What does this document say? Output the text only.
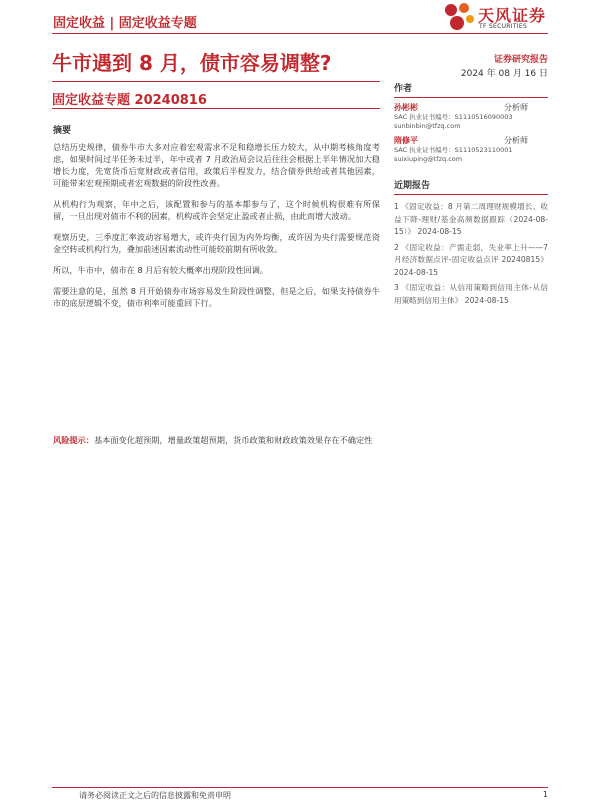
固定收益 | 固定收益专题	天风证券
TF SECURITIES
牛市遇到 8 月，债市容易调整?	证券研究报告
2024 年 08 月 16 日
固定收益专题 20240816
摘要

总结历史规律，债券牛市大多对应着宏观需求不足和稳增长压力较大，从中期考核角度考虑，如果时间过半任务未过半，年中或者 7 月政治局会议后往往会根据上半年情况加大稳增长力度，先宽货币后宽财政或者信用，政策后半程发力，结合债券供给或者其他因素，可能带来宏观预期或者宏观数据的阶段性改善。

从机构行为观察，年中之后，该配置和参与的基本都参与了，这个时候机构很难有所保留，一旦出现对债市不利的因素，机构或许会坚定止盈或者止损，由此而增大波动。

观察历史，三季度汇率波动容易增大，或许央行因为内外均衡，或许因为央行需要规范资金空转或机构行为，叠加前述因素流动性可能较前期有所收敛。

所以，牛市中，债市在 8 月后有较大概率出现阶段性回调。

需要注意的是，虽然 8 月开始债券市场容易发生阶段性调整，但是之后，如果支持债券牛市的底层逻辑不变，债市利率可能重回下行。

风险提示：基本面变化超预期，增量政策超预期，货币政策和财政政策效果存在不确定性
作者
孙彬彬	分析师
SAC 执业证书编号：S1110516090003
sunbinbin@tfzq.com
隋修平	分析师
SAC 执业证书编号：S1110523110001
suixiuping@tfzq.com
近期报告
1 《固定收益：8 月第二周理财规模增长、收益下降-理财/基金高频数据跟踪（2024-08-15）》 2024-08-15
2 《固定收益：产需走弱，失业率上升——7 月经济数据点评-固定收益点评 20240815》 2024-08-15
3 《固定收益：从信用策略到信用主体-从信用策略到信用主体》 2024-08-15
请务必阅读正文之后的信息披露和免责申明	1
